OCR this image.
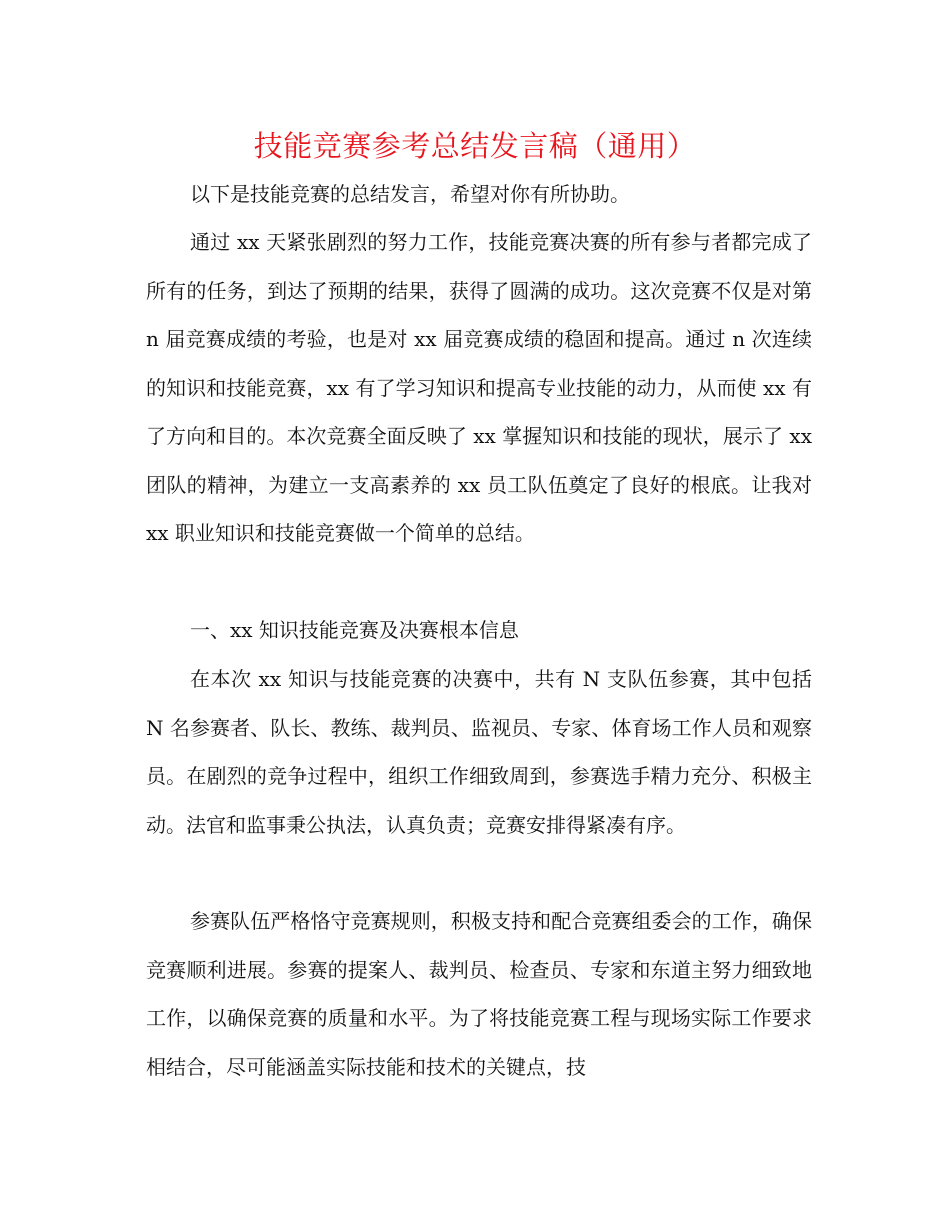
技能竞赛参考总结发言稿（通用）

以下是技能竞赛的总结发言，希望对你有所协助。

通过 xx 天紧张剧烈的努力工作，技能竞赛决赛的所有参与者都完成了所有的任务，到达了预期的结果，获得了圆满的成功。这次竞赛不仅是对第 n 届竞赛成绩的考验，也是对 xx 届竞赛成绩的稳固和提高。通过 n 次连续的知识和技能竞赛，xx 有了学习知识和提高专业技能的动力，从而使 xx 有了方向和目的。本次竞赛全面反映了 xx 掌握知识和技能的现状，展示了 xx 团队的精神，为建立一支高素养的 xx 员工队伍奠定了良好的根底。让我对 xx 职业知识和技能竞赛做一个简单的总结。

一、xx 知识技能竞赛及决赛根本信息

在本次 xx 知识与技能竞赛的决赛中，共有 N 支队伍参赛，其中包括 N 名参赛者、队长、教练、裁判员、监视员、专家、体育场工作人员和观察员。在剧烈的竞争过程中，组织工作细致周到，参赛选手精力充分、积极主动。法官和监事秉公执法，认真负责；竞赛安排得紧凑有序。

参赛队伍严格恪守竞赛规则，积极支持和配合竞赛组委会的工作，确保竞赛顺利进展。参赛的提案人、裁判员、检查员、专家和东道主努力细致地工作，以确保竞赛的质量和水平。为了将技能竞赛工程与现场实际工作要求相结合，尽可能涵盖实际技能和技术的关键点，技
